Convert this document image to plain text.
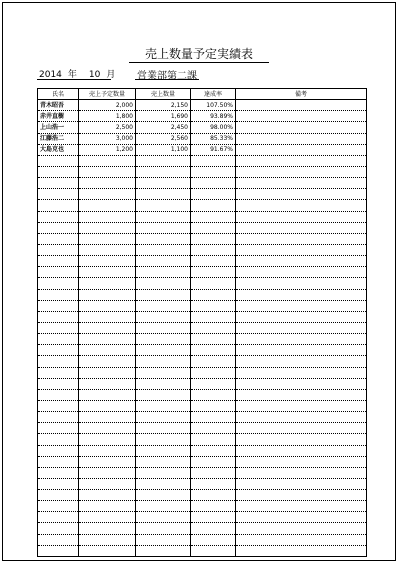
売上数量予定実績表
2014 年 10 月 営業部第二課
氏名	売上予定数量	売上数量	達成率	備考
青木昭吾	2,000	2,150	107.50%	
赤井直樹	1,800	1,690	93.89%	
上山浩一	2,500	2,450	98.00%	
江藤浩二	3,000	2,560	85.33%	
大島克也	1,200	1,100	91.67%	
